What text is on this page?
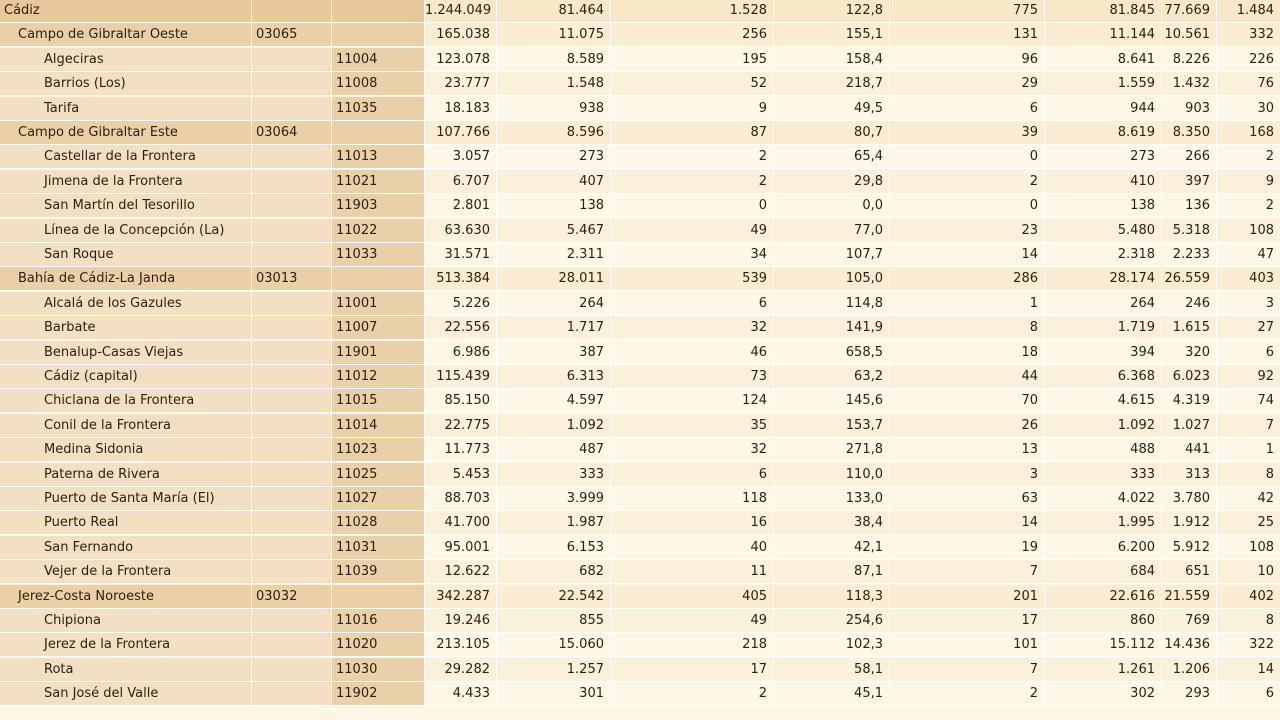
Cádiz	1.244.049	81.464	1.528	122,8	775	81.845 77.669	1.484
Campo de Gibraltar Oeste	03065	165.038	11.075	256	155,1	131	11.144 10.561	332
Algeciras	11004	123.078	8.589	195	158,4	96	8.641	8.226	226
Barrios (Los)	11008	23.777	1.548	52	218,7	29	1.559	1.432	76
Tarifa	11035	18.183	938	9	49,5	6	944	903	30
Campo de Gibraltar Este	03064	107.766	8.596	87	80,7	39	8.619	8.350	168
Castellar de la Frontera	11013	3.057	273	2	65,4	0	273	266	2
Jimena de la Frontera	11021	6.707	407	2	29,8	2	410	397	9
San Martín del Tesorillo	11903	2.801	138	0	0,0	0	138	136	2
Línea de la Concepción (La)	11022	63.630	5.467	49	77,0	23	5.480	5.318	108
San Roque	11033	31.571	2.311	34	107,7	14	2.318	2.233	47
Bahía de Cádiz-La Janda	03013	513.384	28.011	539	105,0	286	28.174 26.559	403
Alcalá de los Gazules	11001	5.226	264	6	114,8	1	264	246	3
Barbate	11007	22.556	1.717	32	141,9	8	1.719	1.615	27
Benalup-Casas Viejas	11901	6.986	387	46	658,5	18	394	320	6
Cádiz (capital)	11012	115.439	6.313	73	63,2	44	6.368	6.023	92
Chiclana de la Frontera	11015	85.150	4.597	124	145,6	70	4.615	4.319	74
Conil de la Frontera	11014	22.775	1.092	35	153,7	26	1.092	1.027	7
Medina Sidonia	11023	11.773	487	32	271,8	13	488	441	1
Paterna de Rivera	11025	5.453	333	6	110,0	3	333	313	8
Puerto de Santa María (El)	11027	88.703	3.999	118	133,0	63	4.022	3.780	42
Puerto Real	11028	41.700	1.987	16	38,4	14	1.995	1.912	25
San Fernando	11031	95.001	6.153	40	42,1	19	6.200	5.912	108
Vejer de la Frontera	11039	12.622	682	11	87,1	7	684	651	10
Jerez-Costa Noroeste	03032	342.287	22.542	405	118,3	201	22.616 21.559	402
Chipiona	11016	19.246	855	49	254,6	17	860	769	8
Jerez de la Frontera	11020	213.105	15.060	218	102,3	101	15.112 14.436	322
Rota	11030	29.282	1.257	17	58,1	7	1.261	1.206	14
San José del Valle	11902	4.433	301	2	45,1	2	302	293	6
